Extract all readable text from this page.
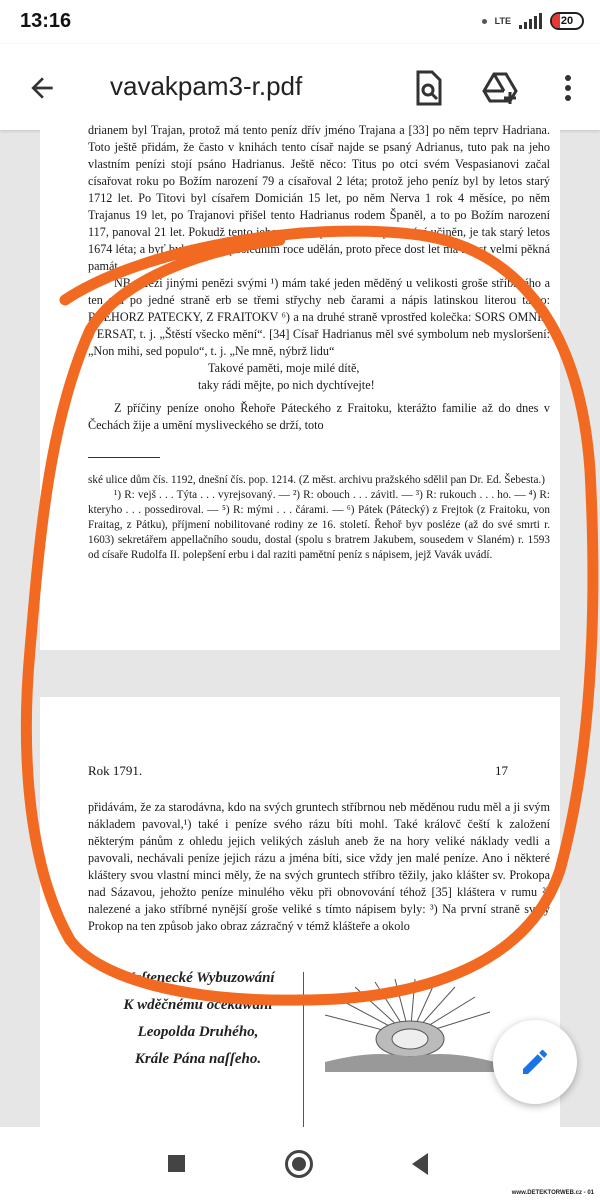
13:16	LTE	20
vavakpam3-r.pdf

drianem byl Trajan, protož má tento peníz dřív jméno Trajana a [33] po něm teprv Hadriana. Toto ještě přidám, že často v knihách tento císař najde se psaný Adrianus, tuto pak na jeho vlastním penízi stojí psáno Hadrianus. Ještě něco: Titus po otci svém Vespasianovi začal císařovat roku po Božím narození 79 a císařoval 2 léta; protož jeho peníz byl by letos starý 1712 let. Po Titovi byl císařem Domicián 15 let, po něm Nerva 1 rok 4 měsíce, po něm Trajanus 19 let, po Trajanovi přišel tento Hadrianus rodem Španěl, a to po Božím narození 117, panoval 21 let. Pokudž tento jeho peníz v prvním roce panování učiněn, je tak starý letos 1674 léta; a byť byl třebas v posledním roce udělán, proto přece dost let má a jest velmi pěkná památ.

NB. Mezi jinými penězi svými ¹) mám také jeden měděný u velikosti groše stříbrného a ten má po jedné straně erb se třemi střychy neb čarami a nápis latinskou literou takto: RZEHORZ PATECKY, Z FRAITOKV ⁶) a na druhé straně vprostřed kolečka: SORS OMNIA VERSAT, t. j. „Štěstí všecko mění“. [34] Císař Hadrianus měl své symbolum neb mysloršení: „Non mihi, sed populo“, t. j. „Ne mně, nýbrž lidu“

Takové paměti, moje milé dítě,

taky rádi mějte, po nich dychtívejte!

Z příčiny peníze onoho Řehoře Páteckého z Fraitoku, kterážto familie až do dnes v Čechách žije a umění mysliveckého se drží, toto

ské ulice dům čís. 1192, dnešní čís. pop. 1214. (Z měst. archivu pražského sdělil pan Dr. Ed. Šebesta.)

¹) R: vejš . . . Týta . . . vyrejsovaný. — ²) R: obouch . . . závitl. — ³) R: rukouch . . . ho. — ⁴) R: kteryho . . . possediroval. — ⁵) R: mými . . . čárami. — ⁶) Pátek (Pátecký) z Frejtok (z Fraitoku, von Fraitag, z Pátku), příjmení nobilitované rodiny ze 16. století. Řehoř byv posléze (až do své smrti r. 1603) sekretářem appellačního soudu, dostal (spolu s bratrem Jakubem, sousedem v Slaném) r. 1593 od císaře Rudolfa II. polepšení erbu i dal raziti pamětní peníz s nápisem, jejž Vavák uvádí.

Rok 1791.	17

přidávám, že za starodávna, kdo na svých gruntech stříbrnou neb měděnou rudu měl a ji svým nákladem pavoval,¹) také i peníze svého rázu bíti mohl. Také královč čeští k založení některým pánům z ohledu jejich velikých zásluh aneb že na hory veliké náklady vedli a pavovali, nechávali peníze jejich rázu a jména bíti, sice vždy jen malé peníze. Ano i některé kláštery svou vlastní minci měly, že na svých gruntech stříbro těžily, jako klášter sv. Prokopa nad Sázavou, jehožto peníze minulého věku při obnovování téhož [35] kláštera v rumu ²) nalezené a jako stříbrné nynější groše veliké s tímto nápisem byly: ³) Na první straně svatý Prokop na ten způsob jako obraz zázračný v témž klášteře a okolo

Waſtenecké Wybuzowání
K wděčnému očekáwání
Leopolda Druhého,
Krále Pána naſſeho.
www.DETEKTORWEB.cz - 01
